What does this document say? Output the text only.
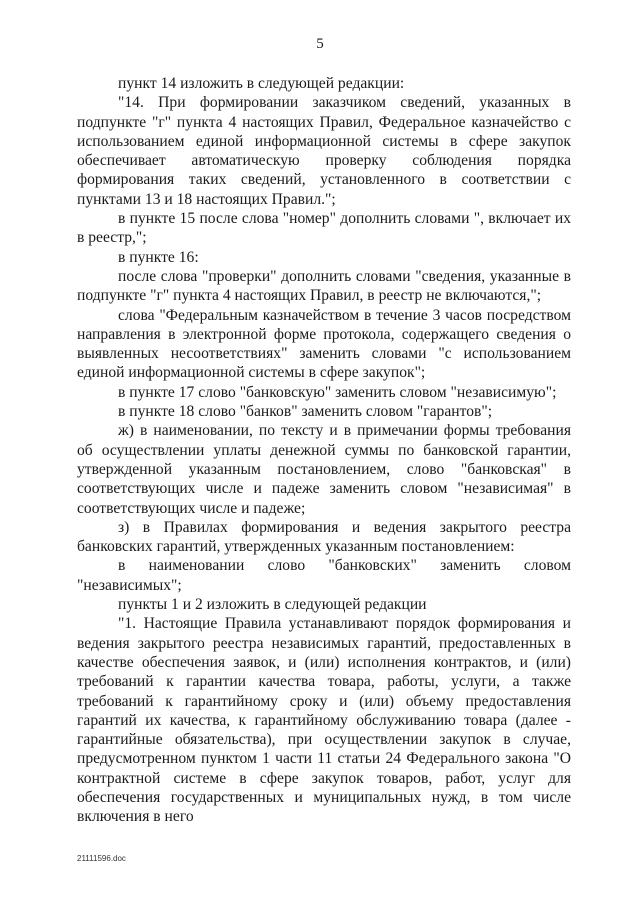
5

пункт 14 изложить в следующей редакции:

"14. При формировании заказчиком сведений, указанных в подпункте "г" пункта 4 настоящих Правил, Федеральное казначейство с использованием единой информационной системы в сфере закупок обеспечивает автоматическую проверку соблюдения порядка формирования таких сведений, установленного в соответствии с пунктами 13 и 18 настоящих Правил.";

в пункте 15 после слова "номер" дополнить словами ", включает их в реестр,";

в пункте 16:

после слова "проверки" дополнить словами "сведения, указанные в подпункте "г" пункта 4 настоящих Правил, в реестр не включаются,";

слова "Федеральным казначейством в течение 3 часов посредством направления в электронной форме протокола, содержащего сведения о выявленных несоответствиях" заменить словами "с использованием единой информационной системы в сфере закупок";

в пункте 17 слово "банковскую" заменить словом "независимую";

в пункте 18 слово "банков" заменить словом "гарантов";

ж) в наименовании, по тексту и в примечании формы требования об осуществлении уплаты денежной суммы по банковской гарантии, утвержденной указанным постановлением, слово "банковская" в соответствующих числе и падеже заменить словом "независимая" в соответствующих числе и падеже;

з) в Правилах формирования и ведения закрытого реестра банковских гарантий, утвержденных указанным постановлением:

в наименовании слово "банковских" заменить словом "независимых";

пункты 1 и 2 изложить в следующей редакции

"1. Настоящие Правила устанавливают порядок формирования и ведения закрытого реестра независимых гарантий, предоставленных в качестве обеспечения заявок, и (или) исполнения контрактов, и (или) требований к гарантии качества товара, работы, услуги, а также требований к гарантийному сроку и (или) объему предоставления гарантий их качества, к гарантийному обслуживанию товара (далее - гарантийные обязательства), при осуществлении закупок в случае, предусмотренном пунктом 1 части 11 статьи 24 Федерального закона "О контрактной системе в сфере закупок товаров, работ, услуг для обеспечения государственных и муниципальных нужд, в том числе включения в него

21111596.doc
